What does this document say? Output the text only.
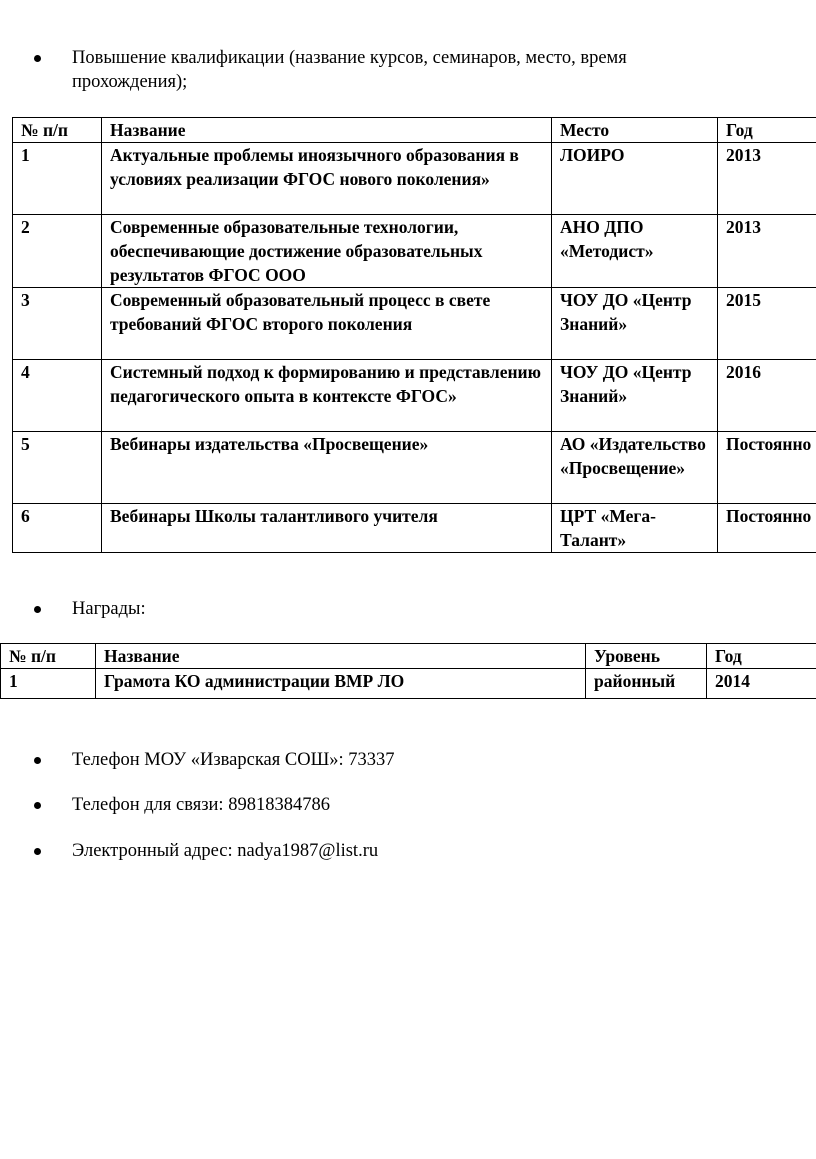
Повышение квалификации (название курсов, семинаров, место, время прохождения);
№ п/п	Название	Место	Год
1	Актуальные проблемы иноязычного образования в условиях реализации ФГОС нового поколения»	ЛОИРО	2013
2	Современные образовательные технологии, обеспечивающие достижение образовательных результатов ФГОС ООО	АНО ДПО «Методист»	2013
3	Современный образовательный процесс в свете требований ФГОС второго поколения	ЧОУ ДО «Центр Знаний»	2015
4	Системный подход к формированию и представлению педагогического опыта в контексте ФГОС»	ЧОУ ДО «Центр Знаний»	2016
5	Вебинары издательства «Просвещение»	АО «Издательство «Просвещение»	Постоянно
6	Вебинары Школы талантливого учителя	ЦРТ «Мега-Талант»	Постоянно
Награды:
№ п/п	Название	Уровень	Год
1	Грамота КО администрации ВМР ЛО	районный	2014
Телефон МОУ «Изварская СОШ»: 73337
Телефон для связи: 89818384786
Электронный адрес: nadya1987@list.ru
